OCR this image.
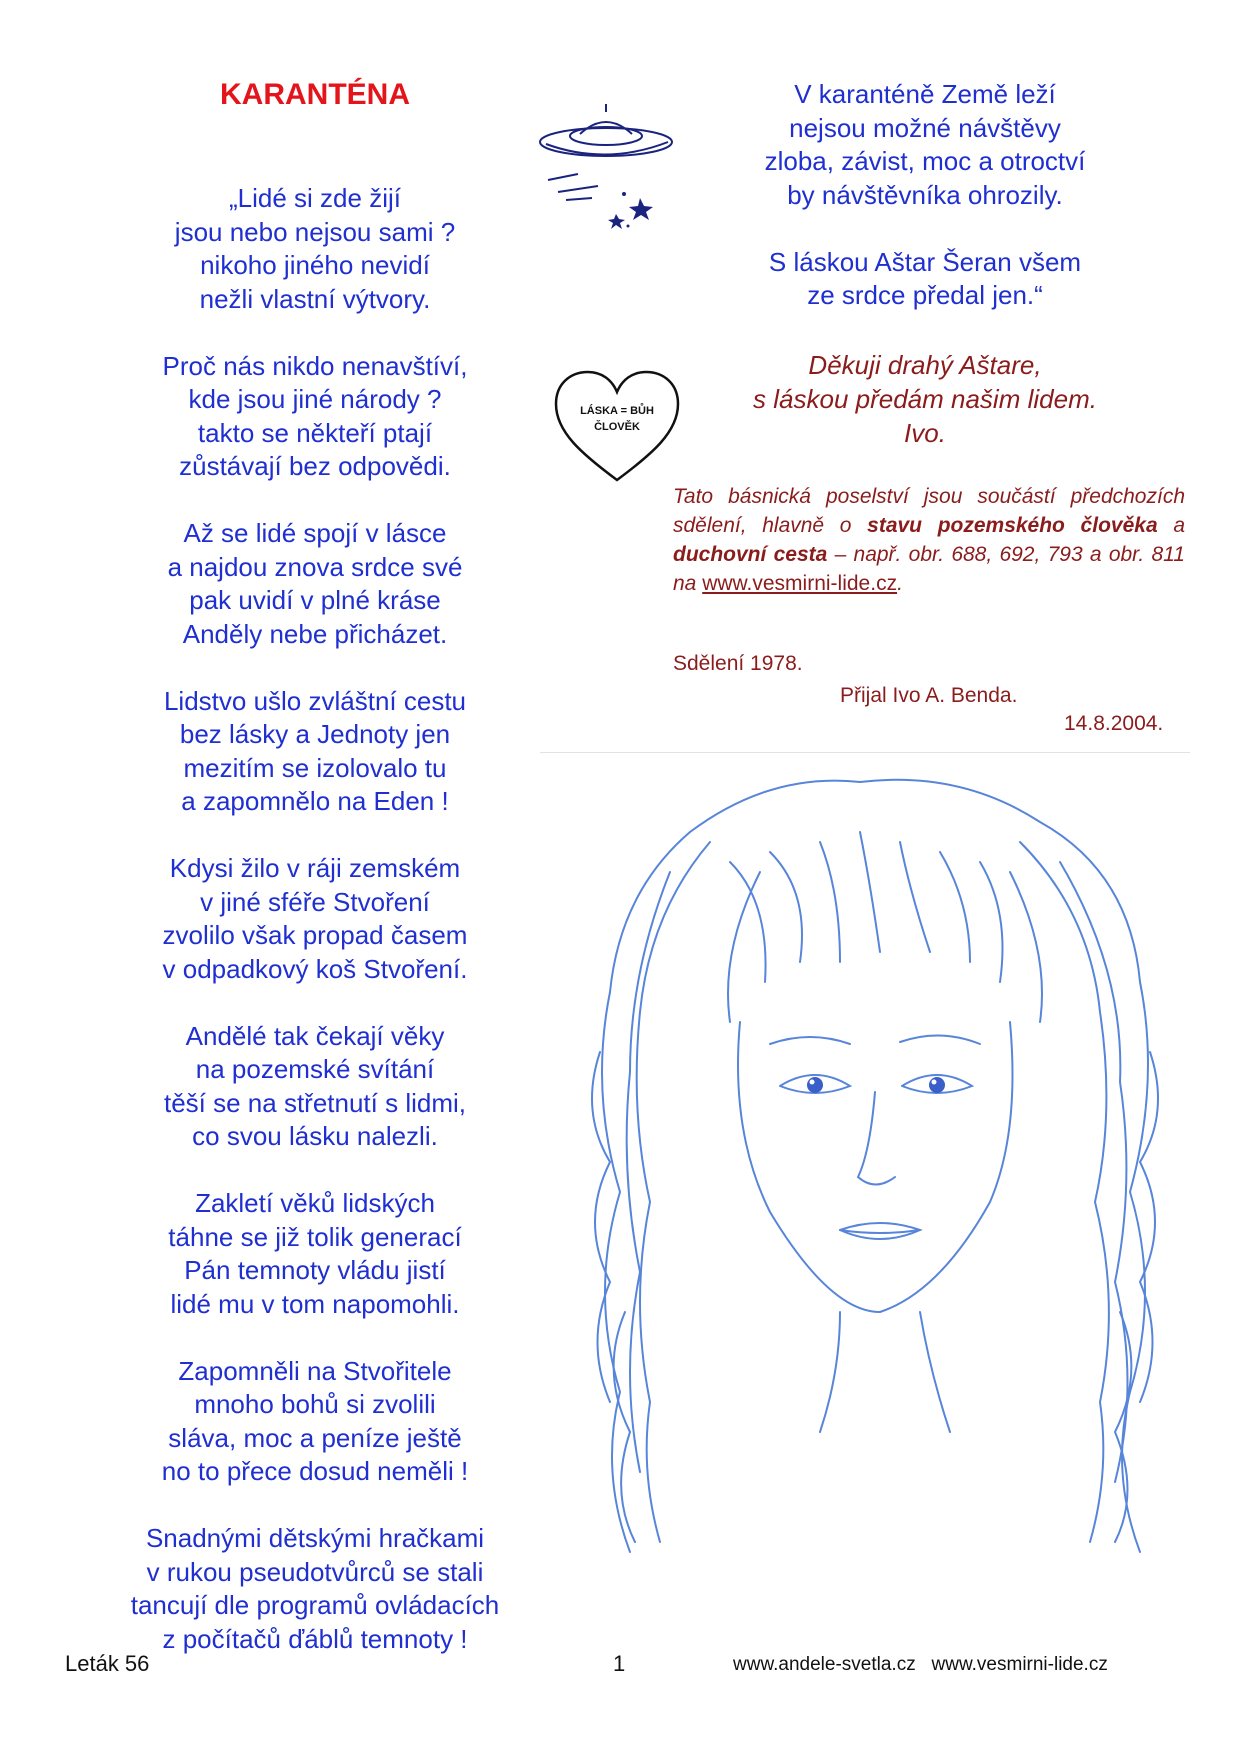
KARANTÉNA
„Lidé si zde žijí
jsou nebo nejsou sami ?
nikoho jiného nevidí
nežli vlastní výtvory.
Proč nás nikdo nenavštíví,
kde jsou jiné národy ?
takto se někteří ptají
zůstávají bez odpovědi.
Až se lidé spojí v lásce
a najdou znova srdce své
pak uvidí v plné kráse
Anděly nebe přicházet.
Lidstvo ušlo zvláštní cestu
bez lásky a Jednoty jen
mezitím se izolovalo tu
a zapomnělo na Eden !
Kdysi žilo v ráji zemském
v jiné sféře Stvoření
zvolilo však propad časem
v odpadkový koš Stvoření.
Andělé tak čekají věky
na pozemské svítání
těší se na střetnutí s lidmi,
co svou lásku nalezli.
Zakletí věků lidských
táhne se již tolik generací
Pán temnoty vládu jistí
lidé mu v tom napomohli.
Zapomněli na Stvořitele
mnoho bohů si zvolili
sláva, moc a peníze ještě
no to přece dosud neměli !
Snadnými dětskými hračkami
v rukou pseudotvůrců se stali
tancují dle programů ovládacích
z počítačů ďáblů temnoty !
V karanténě Země leží
nejsou možné návštěvy
zloba, závist, moc a otroctví
by návštěvníka ohrozily.
S láskou Aštar Šeran všem
ze srdce předal jen.“
LÁSKA = BŮH
ČLOVĚK
Děkuji drahý Aštare,
s láskou předám našim lidem.
Ivo.
Tato básnická poselství jsou součástí předchozích sdělení, hlavně o stavu pozemského člověka a duchovní cesta – např. obr. 688, 692, 793 a obr. 811 na www.vesmirni-lide.cz.
Sdělení 1978.
Přijal Ivo A. Benda.
14.8.2004.
Leták 56	1	www.andele-svetla.cz   www.vesmirni-lide.cz
